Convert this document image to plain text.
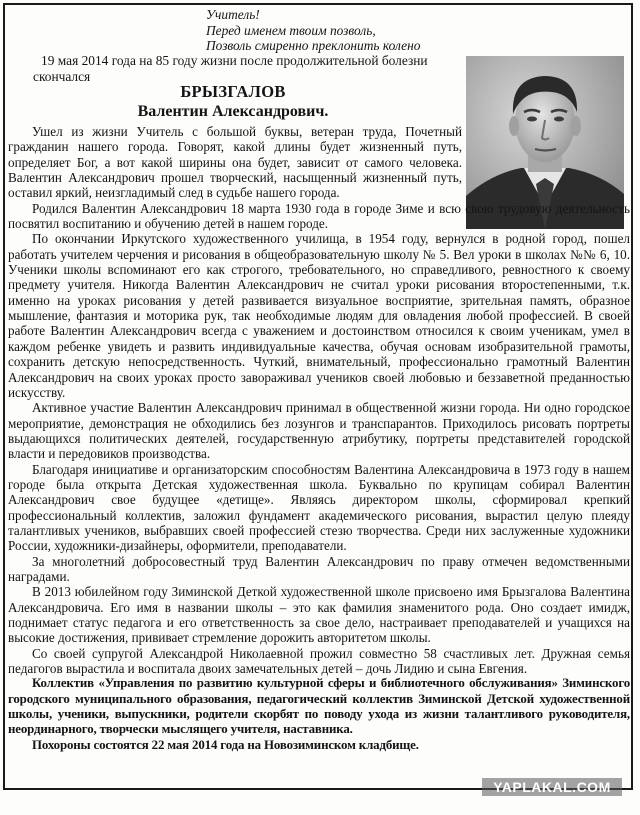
Учитель!
Перед именем твоим позволь,
Позволь смиренно преклонить колено
19 мая 2014 года на 85 году жизни после продолжительной болезни
скончался
БРЫЗГАЛОВ
Валентин Александрович.

Ушел из жизни Учитель с большой буквы, ветеран труда, Почетный гражданин нашего города. Говорят, какой длины будет жизненный путь, определяет Бог, а вот какой ширины она будет, зависит от самого человека. Валентин Александрович прошел творческий, насыщенный жизненный путь, оставил яркий, неизгладимый след в судьбе нашего города.

Родился Валентин Александрович 18 марта 1930 года в городе Зиме и всю свою трудовую деятельность посвятил воспитанию и обучению детей в нашем городе.

По окончании Иркутского художественного училища, в 1954 году, вернулся в родной город, пошел работать учителем черчения и рисования в общеобразовательную школу № 5. Вел уроки в школах №№ 6, 10. Ученики школы вспоминают его как строгого, требовательного, но справедливого, ревностного к своему предмету учителя. Никогда Валентин Александрович не считал уроки рисования второстепенными, т.к. именно на уроках рисования у детей развивается визуальное восприятие, зрительная память, образное мышление, фантазия и моторика рук, так необходимые людям для овладения любой профессией. В своей работе Валентин Александрович всегда с уважением и достоинством относился к своим ученикам, умел в каждом ребенке увидеть и развить индивидуальные качества, обучая основам изобразительной грамоты, сохранить детскую непосредственность. Чуткий, внимательный, профессионально грамотный Валентин Александрович на своих уроках просто завораживал учеников своей любовью и беззаветной преданностью искусству.

Активное участие Валентин Александрович принимал в общественной жизни города. Ни одно городское мероприятие, демонстрация не обходились без лозунгов и транспарантов. Приходилось рисовать портреты выдающихся политических деятелей, государственную атрибутику, портреты представителей городской власти и передовиков производства.

Благодаря инициативе и организаторским способностям Валентина Александровича в 1973 году в нашем городе была открыта Детская художественная школа. Буквально по крупицам собирал Валентин Александрович свое будущее «детище». Являясь директором школы, сформировал крепкий профессиональный коллектив, заложил фундамент академического рисования, вырастил целую плеяду талантливых учеников, выбравших своей профессией стезю творчества. Среди них заслуженные художники России, художники-дизайнеры, оформители, преподаватели.

За многолетний добросовестный труд Валентин Александрович по праву отмечен ведомственными наградами.

В 2013 юбилейном году Зиминской Деткой художественной школе присвоено имя Брызгалова Валентина Александровича. Его имя в названии школы – это как фамилия знаменитого рода. Оно создает имидж, поднимает статус педагога и его ответственность за свое дело, настраивает преподавателей и учащихся на высокие достижения, прививает стремление дорожить авторитетом школы.

Со своей супругой Александрой Николаевной прожил совместно 58 счастливых лет. Дружная семья педагогов вырастила и воспитала двоих замечательных детей – дочь Лидию и сына Евгения.

Коллектив «Управления по развитию культурной сферы и библиотечного обслуживания» Зиминского городского муниципального образования, педагогический коллектив Зиминской Детской художественной школы, ученики, выпускники, родители скорбят по поводу ухода из жизни талантливого руководителя, неординарного, творчески мыслящего учителя, наставника.

Похороны состоятся 22 мая 2014 года на Новозиминском кладбище.

YAPLAKAL.COM
